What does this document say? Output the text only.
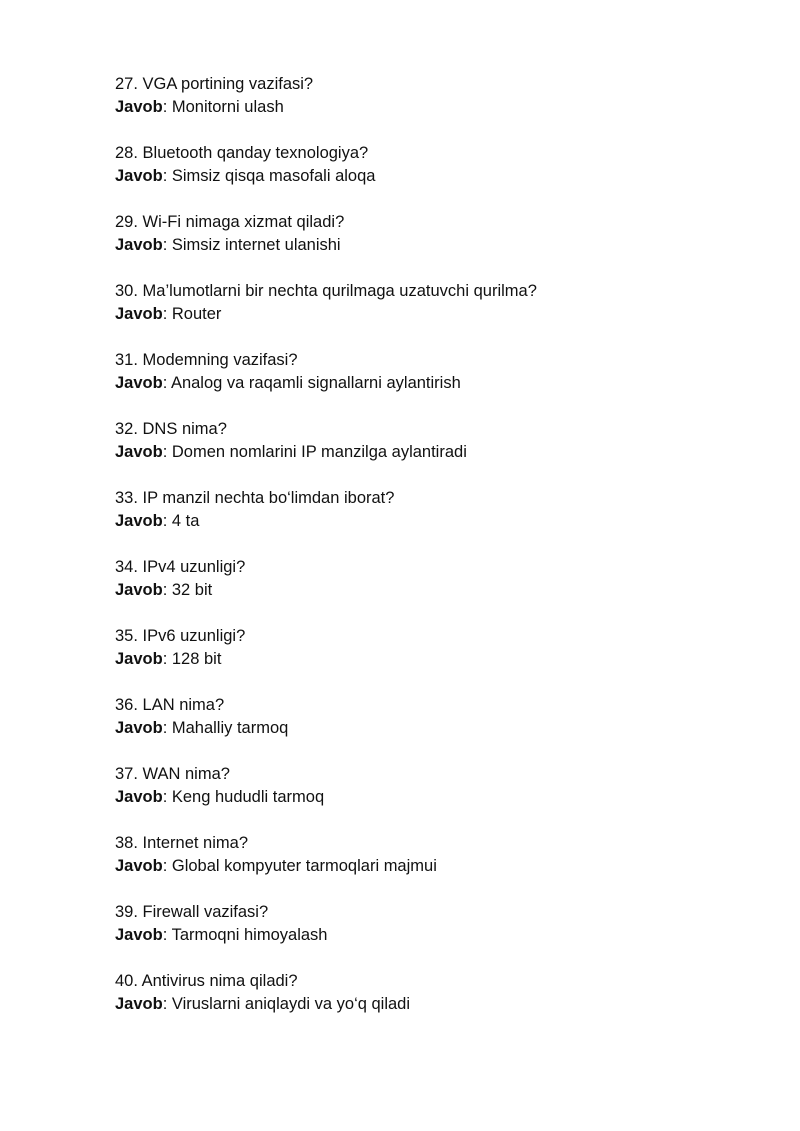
27. VGA portining vazifasi?
Javob: Monitorni ulash
28. Bluetooth qanday texnologiya?
Javob: Simsiz qisqa masofali aloqa
29. Wi-Fi nimaga xizmat qiladi?
Javob: Simsiz internet ulanishi
30. Ma’lumotlarni bir nechta qurilmaga uzatuvchi qurilma?
Javob: Router
31. Modemning vazifasi?
Javob: Analog va raqamli signallarni aylantirish
32. DNS nima?
Javob: Domen nomlarini IP manzilga aylantiradi
33. IP manzil nechta bo‘limdan iborat?
Javob: 4 ta
34. IPv4 uzunligi?
Javob: 32 bit
35. IPv6 uzunligi?
Javob: 128 bit
36. LAN nima?
Javob: Mahalliy tarmoq
37. WAN nima?
Javob: Keng hududli tarmoq
38. Internet nima?
Javob: Global kompyuter tarmoqlari majmui
39. Firewall vazifasi?
Javob: Tarmoqni himoyalash
40. Antivirus nima qiladi?
Javob: Viruslarni aniqlaydi va yo‘q qiladi
